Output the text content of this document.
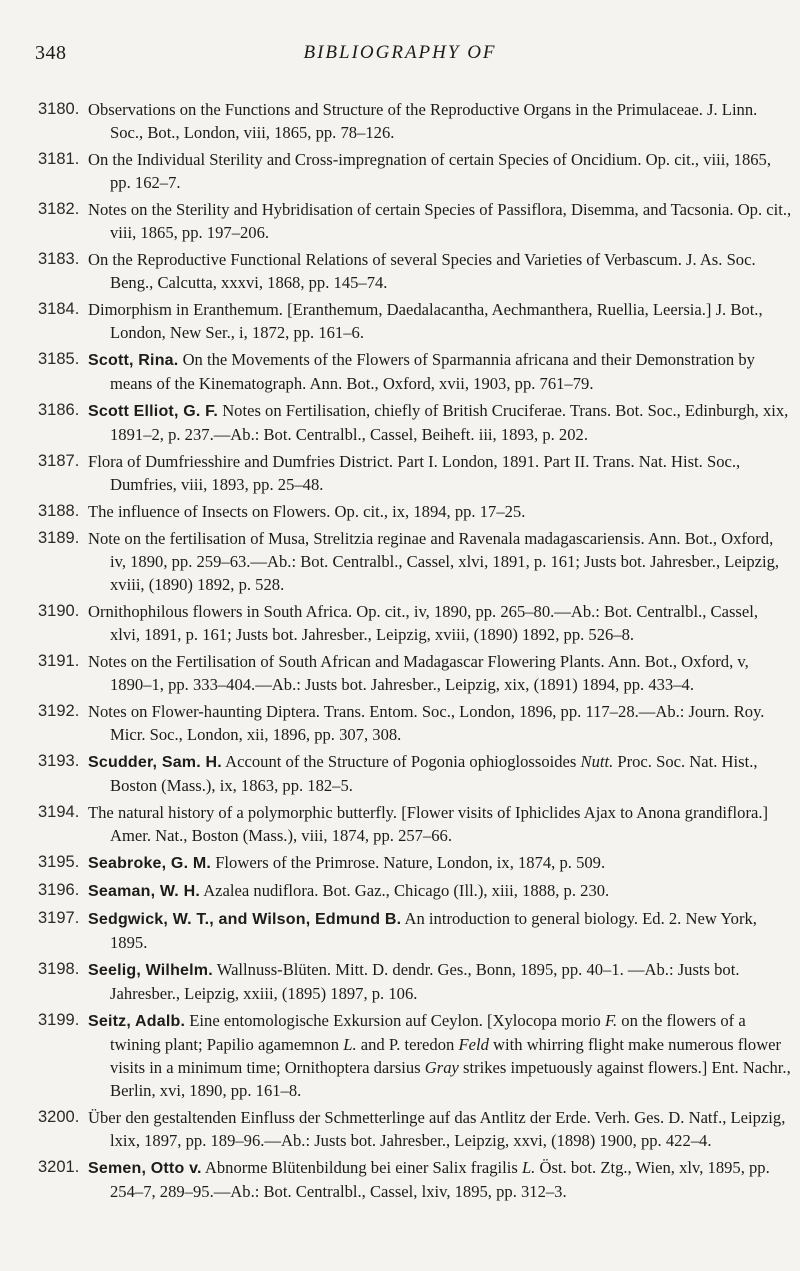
348	BIBLIOGRAPHY OF
3180. Observations on the Functions and Structure of the Reproductive Organs in the Primulaceae. J. Linn. Soc., Bot., London, viii, 1865, pp. 78–126.
3181. On the Individual Sterility and Cross-impregnation of certain Species of Oncidium. Op. cit., viii, 1865, pp. 162–7.
3182. Notes on the Sterility and Hybridisation of certain Species of Passiflora, Disemma, and Tacsonia. Op. cit., viii, 1865, pp. 197–206.
3183. On the Reproductive Functional Relations of several Species and Varieties of Verbascum. J. As. Soc. Beng., Calcutta, xxxvi, 1868, pp. 145–74.
3184. Dimorphism in Eranthemum. [Eranthemum, Daedalacantha, Aechmanthera, Ruellia, Leersia.] J. Bot., London, New Ser., i, 1872, pp. 161–6.
3185. Scott, Rina. On the Movements of the Flowers of Sparmannia africana and their Demonstration by means of the Kinematograph. Ann. Bot., Oxford, xvii, 1903, pp. 761–79.
3186. Scott Elliot, G. F. Notes on Fertilisation, chiefly of British Cruciferae. Trans. Bot. Soc., Edinburgh, xix, 1891–2, p. 237.—Ab.: Bot. Centralbl., Cassel, Beiheft. iii, 1893, p. 202.
3187. Flora of Dumfriesshire and Dumfries District. Part I. London, 1891. Part II. Trans. Nat. Hist. Soc., Dumfries, viii, 1893, pp. 25–48.
3188. The influence of Insects on Flowers. Op. cit., ix, 1894, pp. 17–25.
3189. Note on the fertilisation of Musa, Strelitzia reginae and Ravenala madagascariensis. Ann. Bot., Oxford, iv, 1890, pp. 259–63.—Ab.: Bot. Centralbl., Cassel, xlvi, 1891, p. 161; Justs bot. Jahresber., Leipzig, xviii, (1890) 1892, p. 528.
3190. Ornithophilous flowers in South Africa. Op. cit., iv, 1890, pp. 265–80.—Ab.: Bot. Centralbl., Cassel, xlvi, 1891, p. 161; Justs bot. Jahresber., Leipzig, xviii, (1890) 1892, pp. 526–8.
3191. Notes on the Fertilisation of South African and Madagascar Flowering Plants. Ann. Bot., Oxford, v, 1890–1, pp. 333–404.—Ab.: Justs bot. Jahresber., Leipzig, xix, (1891) 1894, pp. 433–4.
3192. Notes on Flower-haunting Diptera. Trans. Entom. Soc., London, 1896, pp. 117–28.—Ab.: Journ. Roy. Micr. Soc., London, xii, 1896, pp. 307, 308.
3193. Scudder, Sam. H. Account of the Structure of Pogonia ophioglossoides Nutt. Proc. Soc. Nat. Hist., Boston (Mass.), ix, 1863, pp. 182–5.
3194. The natural history of a polymorphic butterfly. [Flower visits of Iphiclides Ajax to Anona grandiflora.] Amer. Nat., Boston (Mass.), viii, 1874, pp. 257–66.
3195. Seabroke, G. M. Flowers of the Primrose. Nature, London, ix, 1874, p. 509.
3196. Seaman, W. H. Azalea nudiflora. Bot. Gaz., Chicago (Ill.), xiii, 1888, p. 230.
3197. Sedgwick, W. T., and Wilson, Edmund B. An introduction to general biology. Ed. 2. New York, 1895.
3198. Seelig, Wilhelm. Wallnuss-Blüten. Mitt. D. dendr. Ges., Bonn, 1895, pp. 40–1. —Ab.: Justs bot. Jahresber., Leipzig, xxiii, (1895) 1897, p. 106.
3199. Seitz, Adalb. Eine entomologische Exkursion auf Ceylon. [Xylocopa morio F. on the flowers of a twining plant; Papilio agamemnon L. and P. teredon Feld with whirring flight make numerous flower visits in a minimum time; Ornithoptera darsius Gray strikes impetuously against flowers.] Ent. Nachr., Berlin, xvi, 1890, pp. 161–8.
3200. Über den gestaltenden Einfluss der Schmetterlinge auf das Antlitz der Erde. Verh. Ges. D. Natf., Leipzig, lxix, 1897, pp. 189–96.—Ab.: Justs bot. Jahresber., Leipzig, xxvi, (1898) 1900, pp. 422–4.
3201. Semen, Otto v. Abnorme Blütenbildung bei einer Salix fragilis L. Öst. bot. Ztg., Wien, xlv, 1895, pp. 254–7, 289–95.—Ab.: Bot. Centralbl., Cassel, lxiv, 1895, pp. 312–3.
